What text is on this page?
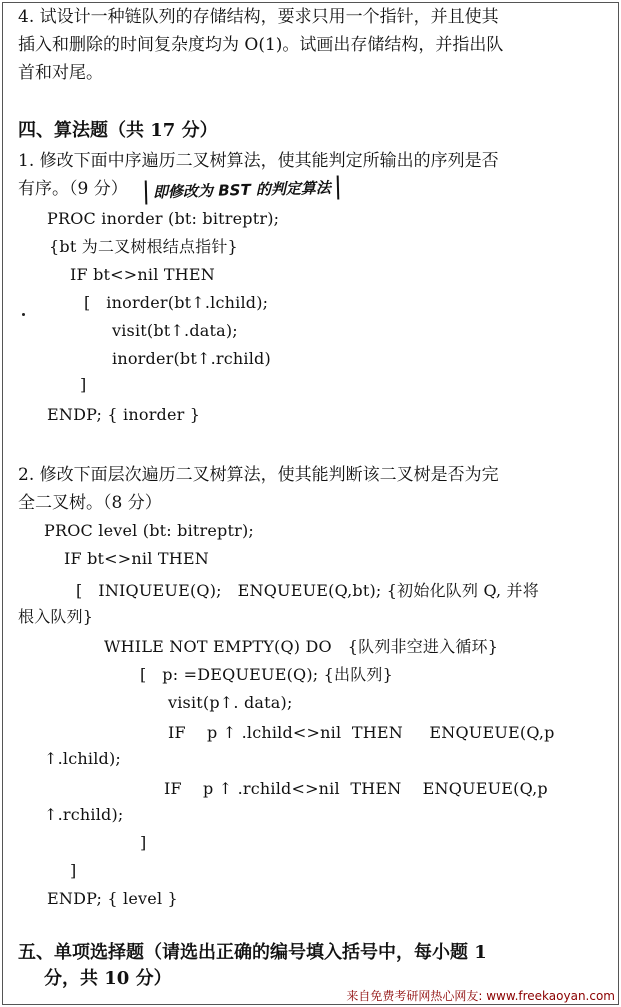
4. 试设计一种链队列的存储结构，要求只用一个指针，并且使其
插入和删除的时间复杂度均为 O(1)。试画出存储结构，并指出队
首和对尾。
四、算法题（共 17 分）
1. 修改下面中序遍历二叉树算法，使其能判定所输出的序列是否
有序。（9 分）	即修改为 BST 的判定算法
PROC inorder (bt: bitreptr);
{bt 为二叉树根结点指针}
IF bt<>nil THEN
[   inorder(bt↑.lchild);
visit(bt↑.data);
inorder(bt↑.rchild)
]
ENDP; { inorder }
2. 修改下面层次遍历二叉树算法，使其能判断该二叉树是否为完
全二叉树。（8 分）
PROC level (bt: bitreptr);
IF bt<>nil THEN
[   INIQUEUE(Q);   ENQUEUE(Q,bt); {初始化队列 Q, 并将
根入队列}
WHILE NOT EMPTY(Q) DO   {队列非空进入循环}
[   p: =DEQUEUE(Q); {出队列}
visit(p↑. data);
IF    p ↑ .lchild<>nil  THEN     ENQUEUE(Q,p
↑.lchild);
IF    p ↑ .rchild<>nil  THEN    ENQUEUE(Q,p
↑.rchild);
]
]
ENDP; { level }
五、单项选择题（请选出正确的编号填入括号中，每小题 1
分，共 10 分）
来自免费考研网热心网友: www.freekaoyan.com
